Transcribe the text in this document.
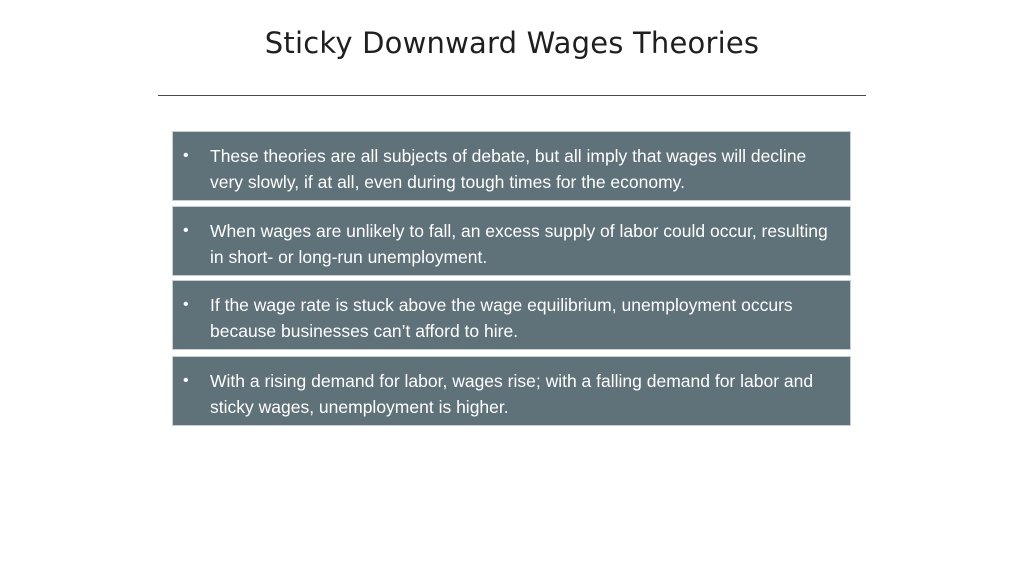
Sticky Downward Wages Theories
•	These theories are all subjects of debate, but all imply that wages will decline very slowly, if at all, even during tough times for the economy.
•	When wages are unlikely to fall, an excess supply of labor could occur, resulting in short- or long-run unemployment.
•	If the wage rate is stuck above the wage equilibrium, unemployment occurs because businesses can’t afford to hire.
•	With a rising demand for labor, wages rise; with a falling demand for labor and sticky wages, unemployment is higher.
